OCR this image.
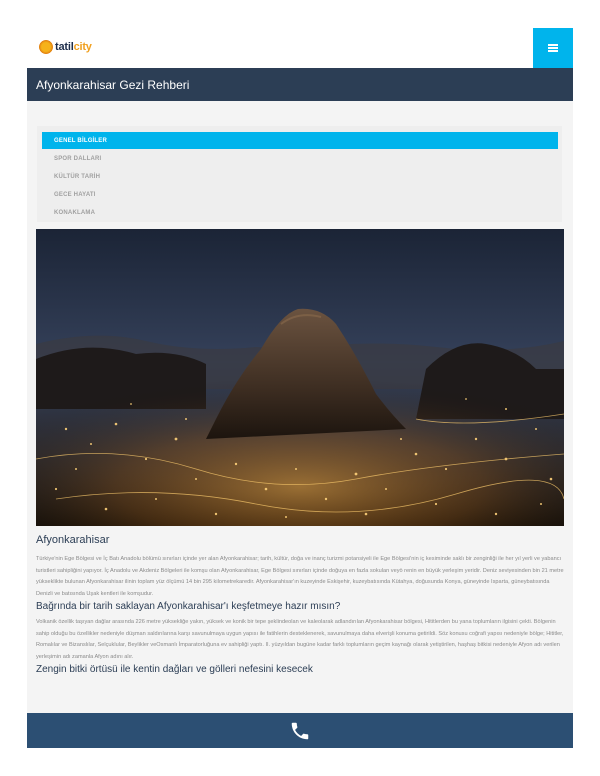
tatilcity
Afyonkarahisar Gezi Rehberi
GENEL BİLGİLER
SPOR DALLARI
KÜLTÜR TARİH
GECE HAYATI
KONAKLAMA
Afyonkarahisar

Türkiye'nin Ege Bölgesi ve İç Batı Anadolu bölümü sınırları içinde yer alan Afyonkarahisar; tarih, kültür, doğa ve inanç turizmi potansiyeli ile Ege Bölgesi'nin iç kesiminde saklı bir zenginliği ile her yıl yerli ve yabancı turistleri sahipliğini yapıyor. İç Anadolu ve Akdeniz Bölgeleri ile komşu olan Afyonkarahisar, Ege Bölgesi sınırları içinde doğuya en fazla sokulan veyö renin en büyük yerleşim yeridir. Deniz seviyesinden bin 21 metre yükseklikte bulunan Afyonkarahisar ilinin toplam yüz ölçümü 14 bin 295 kilometrekaredir. Afyonkarahisar'ın kuzeyinde Eskişehir, kuzeybatısında Kütahya, doğusunda Konya, güneyinde Isparta, güneybatısında Denizli ve batısında Uşak kentleri ile komşudur.

Bağrında bir tarih saklayan Afyonkarahisar'ı keşfetmeye hazır mısın?

Volkanik özellik taşıyan dağlar arasında 226 metre yüksekliğe yakın, yüksek ve konik bir tepe şeklindeolan ve kaleolarak adlandırılan Afyonkarahisar bölgesi, Hititlerden bu yana toplumların ilgisini çekti. Bölgenin sahip olduğu bu özellikler nedeniyle düşman saldırılarına karşı savunulmaya uygun yapısı ile fatihlerin desteklenerek, savunulmaya daha elverişli konuma getirildi. Söz konusu coğrafi yapısı nedeniyle bölge; Hititler, Romalılar ve Bizanslılar, Selçuklular, Beylikler veOsmanlı İmparatorluğuna ev sahipliği yaptı. II. yüzyıldan bugüne kadar farklı toplumların geçim kaynağı olarak yetiştirilen, haşhaş bitkisi nedeniyle Afyon adı verilen yerleşimin adı zamanla Afyon adını alır.

Zengin bitki örtüsü ile kentin dağları ve gölleri nefesini kesecek
